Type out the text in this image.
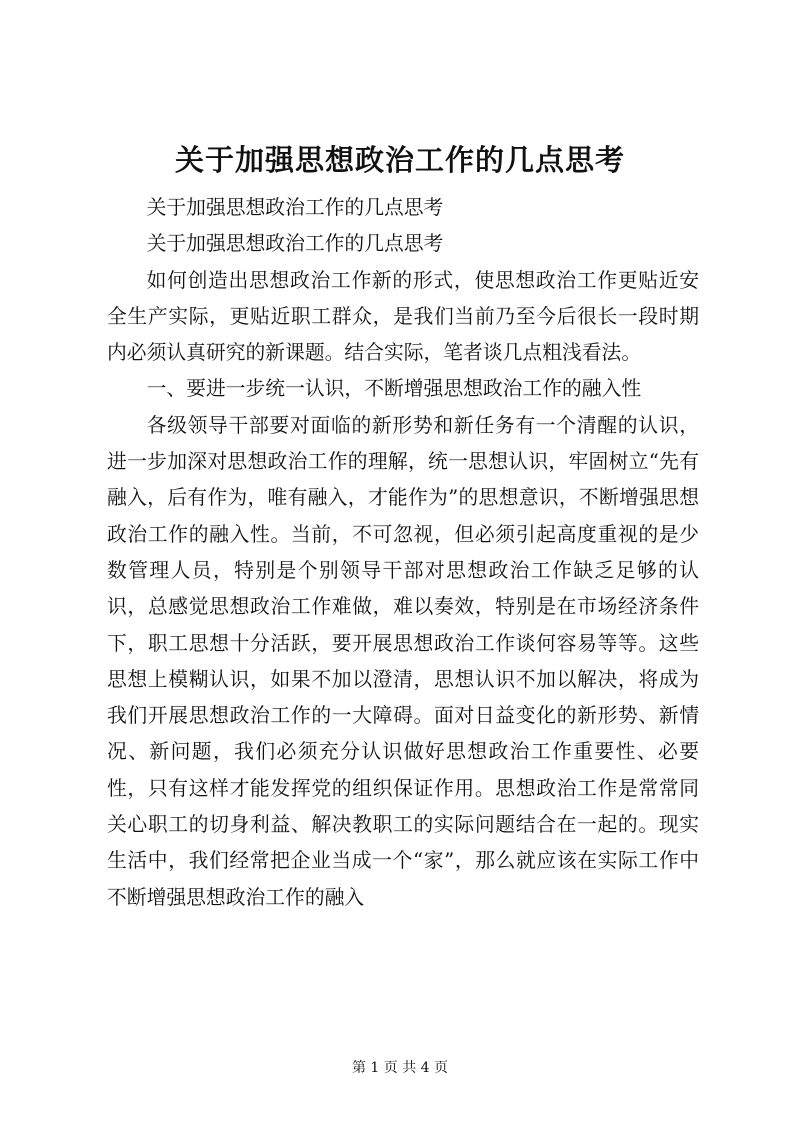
关于加强思想政治工作的几点思考

关于加强思想政治工作的几点思考

关于加强思想政治工作的几点思考

如何创造出思想政治工作新的形式，使思想政治工作更贴近安全生产实际，更贴近职工群众，是我们当前乃至今后很长一段时期内必须认真研究的新课题。结合实际，笔者谈几点粗浅看法。

一、要进一步统一认识，不断增强思想政治工作的融入性

各级领导干部要对面临的新形势和新任务有一个清醒的认识，进一步加深对思想政治工作的理解，统一思想认识，牢固树立“先有融入，后有作为，唯有融入，才能作为”的思想意识，不断增强思想政治工作的融入性。当前，不可忽视，但必须引起高度重视的是少数管理人员，特别是个别领导干部对思想政治工作缺乏足够的认识，总感觉思想政治工作难做，难以奏效，特别是在市场经济条件下，职工思想十分活跃，要开展思想政治工作谈何容易等等。这些思想上模糊认识，如果不加以澄清，思想认识不加以解决，将成为我们开展思想政治工作的一大障碍。面对日益变化的新形势、新情况、新问题，我们必须充分认识做好思想政治工作重要性、必要性，只有这样才能发挥党的组织保证作用。思想政治工作是常常同关心职工的切身利益、解决教职工的实际问题结合在一起的。现实生活中，我们经常把企业当成一个“家”，那么就应该在实际工作中不断增强思想政治工作的融入

第 1 页 共 4 页
